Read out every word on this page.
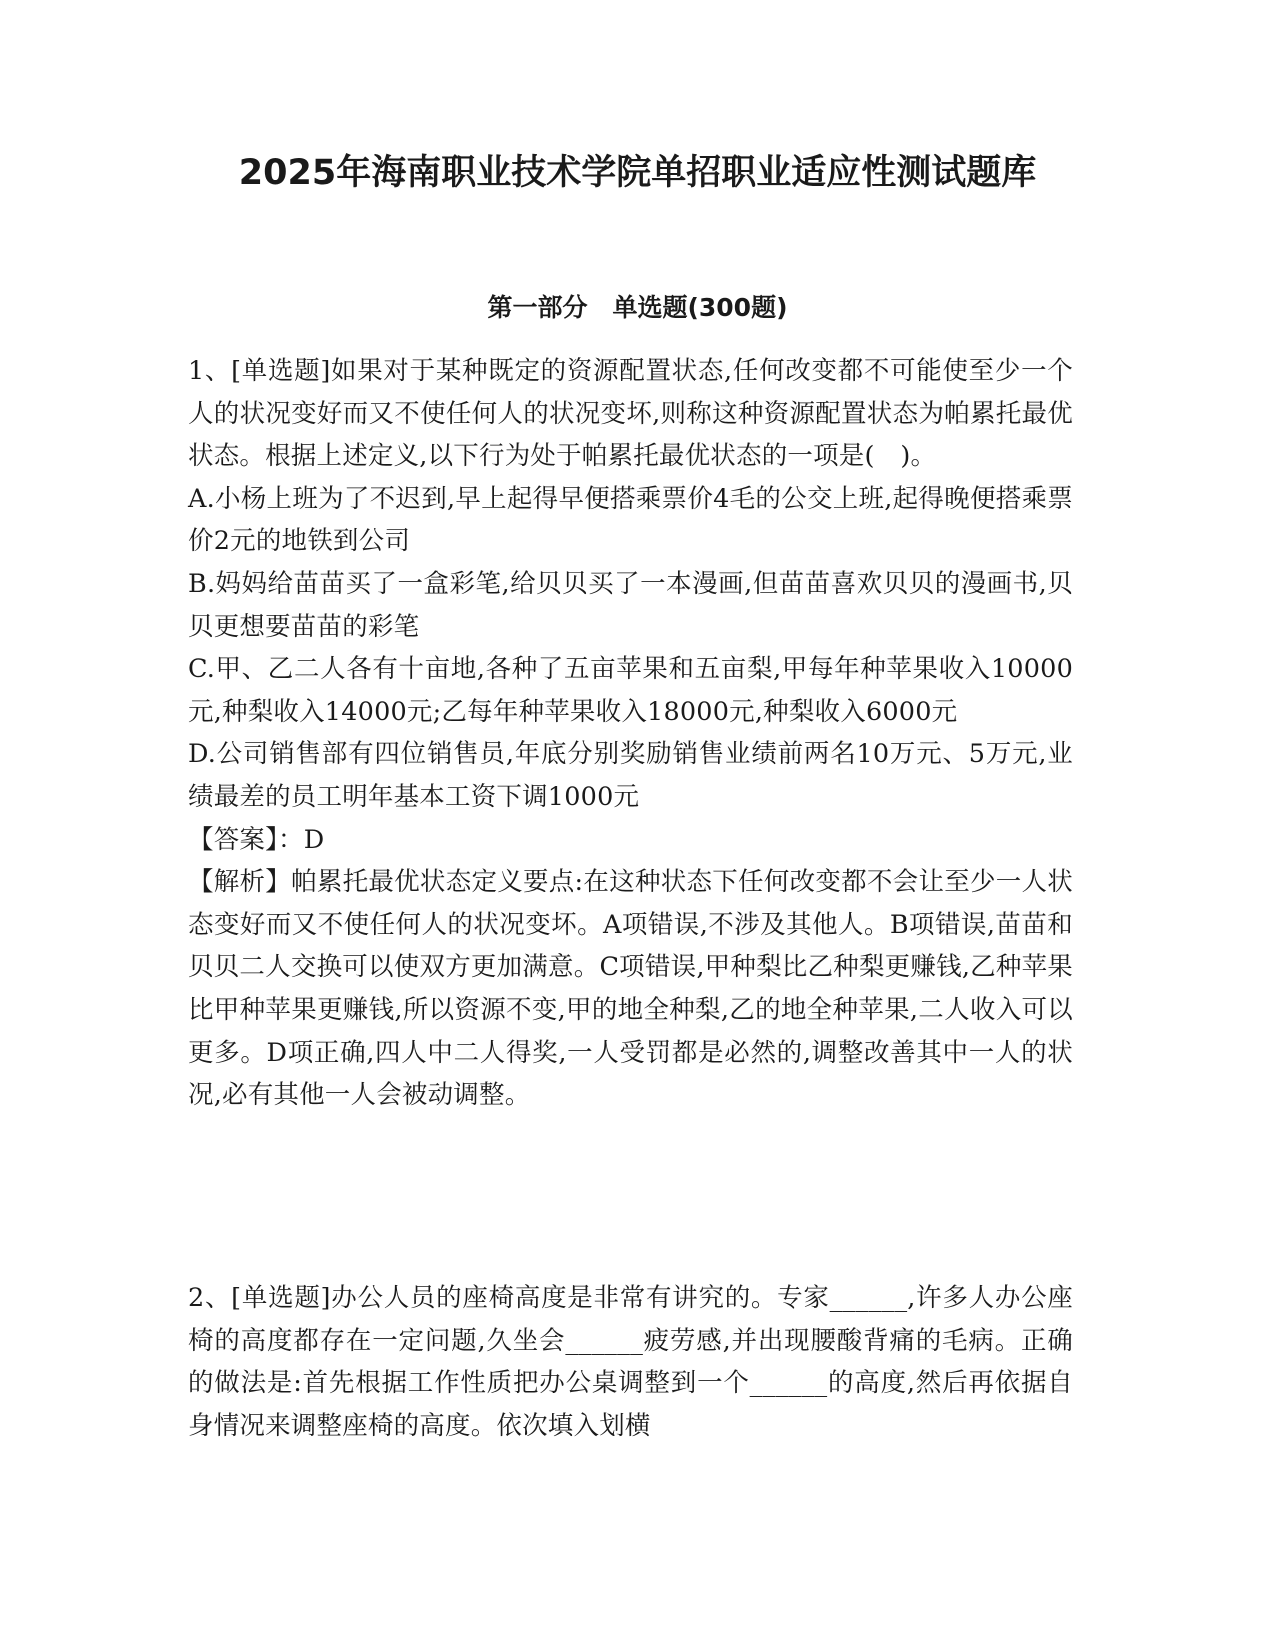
2025年海南职业技术学院单招职业适应性测试题库
第一部分　单选题(300题)

1、[单选题]如果对于某种既定的资源配置状态,任何改变都不可能使至少一个人的状况变好而又不使任何人的状况变坏,则称这种资源配置状态为帕累托最优状态。根据上述定义,以下行为处于帕累托最优状态的一项是(　)。

A.小杨上班为了不迟到,早上起得早便搭乘票价4毛的公交上班,起得晚便搭乘票价2元的地铁到公司

B.妈妈给苗苗买了一盒彩笔,给贝贝买了一本漫画,但苗苗喜欢贝贝的漫画书,贝贝更想要苗苗的彩笔

C.甲、乙二人各有十亩地,各种了五亩苹果和五亩梨,甲每年种苹果收入10000元,种梨收入14000元;乙每年种苹果收入18000元,种梨收入6000元

D.公司销售部有四位销售员,年底分别奖励销售业绩前两名10万元、5万元,业绩最差的员工明年基本工资下调1000元

【答案】：D

【解析】帕累托最优状态定义要点:在这种状态下任何改变都不会让至少一人状态变好而又不使任何人的状况变坏。A项错误,不涉及其他人。B项错误,苗苗和贝贝二人交换可以使双方更加满意。C项错误,甲种梨比乙种梨更赚钱,乙种苹果比甲种苹果更赚钱,所以资源不变,甲的地全种梨,乙的地全种苹果,二人收入可以更多。D项正确,四人中二人得奖,一人受罚都是必然的,调整改善其中一人的状况,必有其他一人会被动调整。

2、[单选题]办公人员的座椅高度是非常有讲究的。专家______,许多人办公座椅的高度都存在一定问题,久坐会______疲劳感,并出现腰酸背痛的毛病。正确的做法是:首先根据工作性质把办公桌调整到一个______的高度,然后再依据自身情况来调整座椅的高度。依次填入划横
